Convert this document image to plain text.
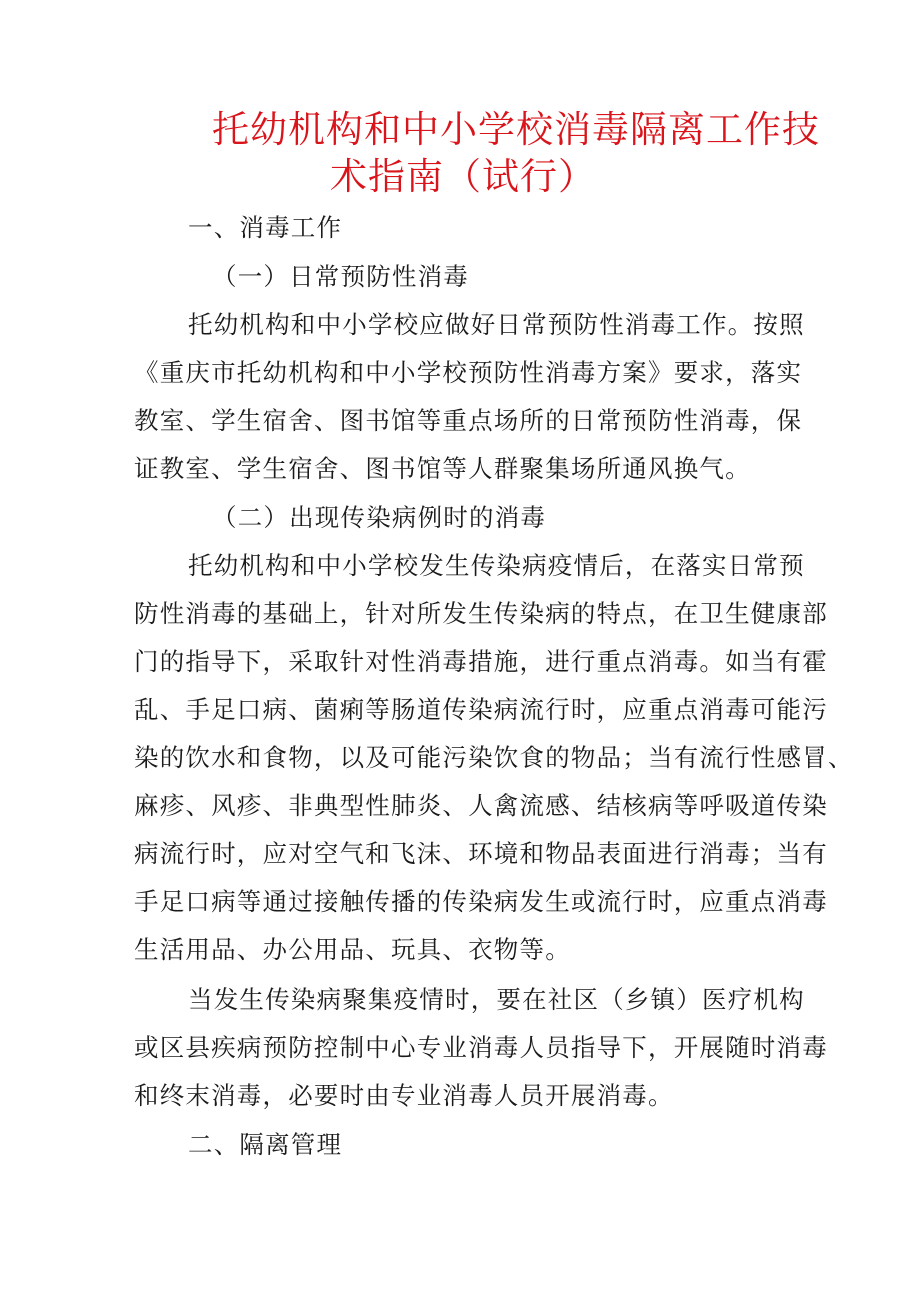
托幼机构和中小学校消毒隔离工作技
术指南（试行）
一、消毒工作
（一）日常预防性消毒
托幼机构和中小学校应做好日常预防性消毒工作。按照
《重庆市托幼机构和中小学校预防性消毒方案》要求，落实
教室、学生宿舍、图书馆等重点场所的日常预防性消毒，保
证教室、学生宿舍、图书馆等人群聚集场所通风换气。
（二）出现传染病例时的消毒
托幼机构和中小学校发生传染病疫情后，在落实日常预
防性消毒的基础上，针对所发生传染病的特点，在卫生健康部
门的指导下，采取针对性消毒措施，进行重点消毒。如当有霍
乱、手足口病、菌痢等肠道传染病流行时，应重点消毒可能污
染的饮水和食物，以及可能污染饮食的物品；当有流行性感冒、
麻疹、风疹、非典型性肺炎、人禽流感、结核病等呼吸道传染
病流行时，应对空气和飞沫、环境和物品表面进行消毒；当有
手足口病等通过接触传播的传染病发生或流行时，应重点消毒
生活用品、办公用品、玩具、衣物等。
当发生传染病聚集疫情时，要在社区（乡镇）医疗机构
或区县疾病预防控制中心专业消毒人员指导下，开展随时消毒
和终末消毒，必要时由专业消毒人员开展消毒。
二、隔离管理
